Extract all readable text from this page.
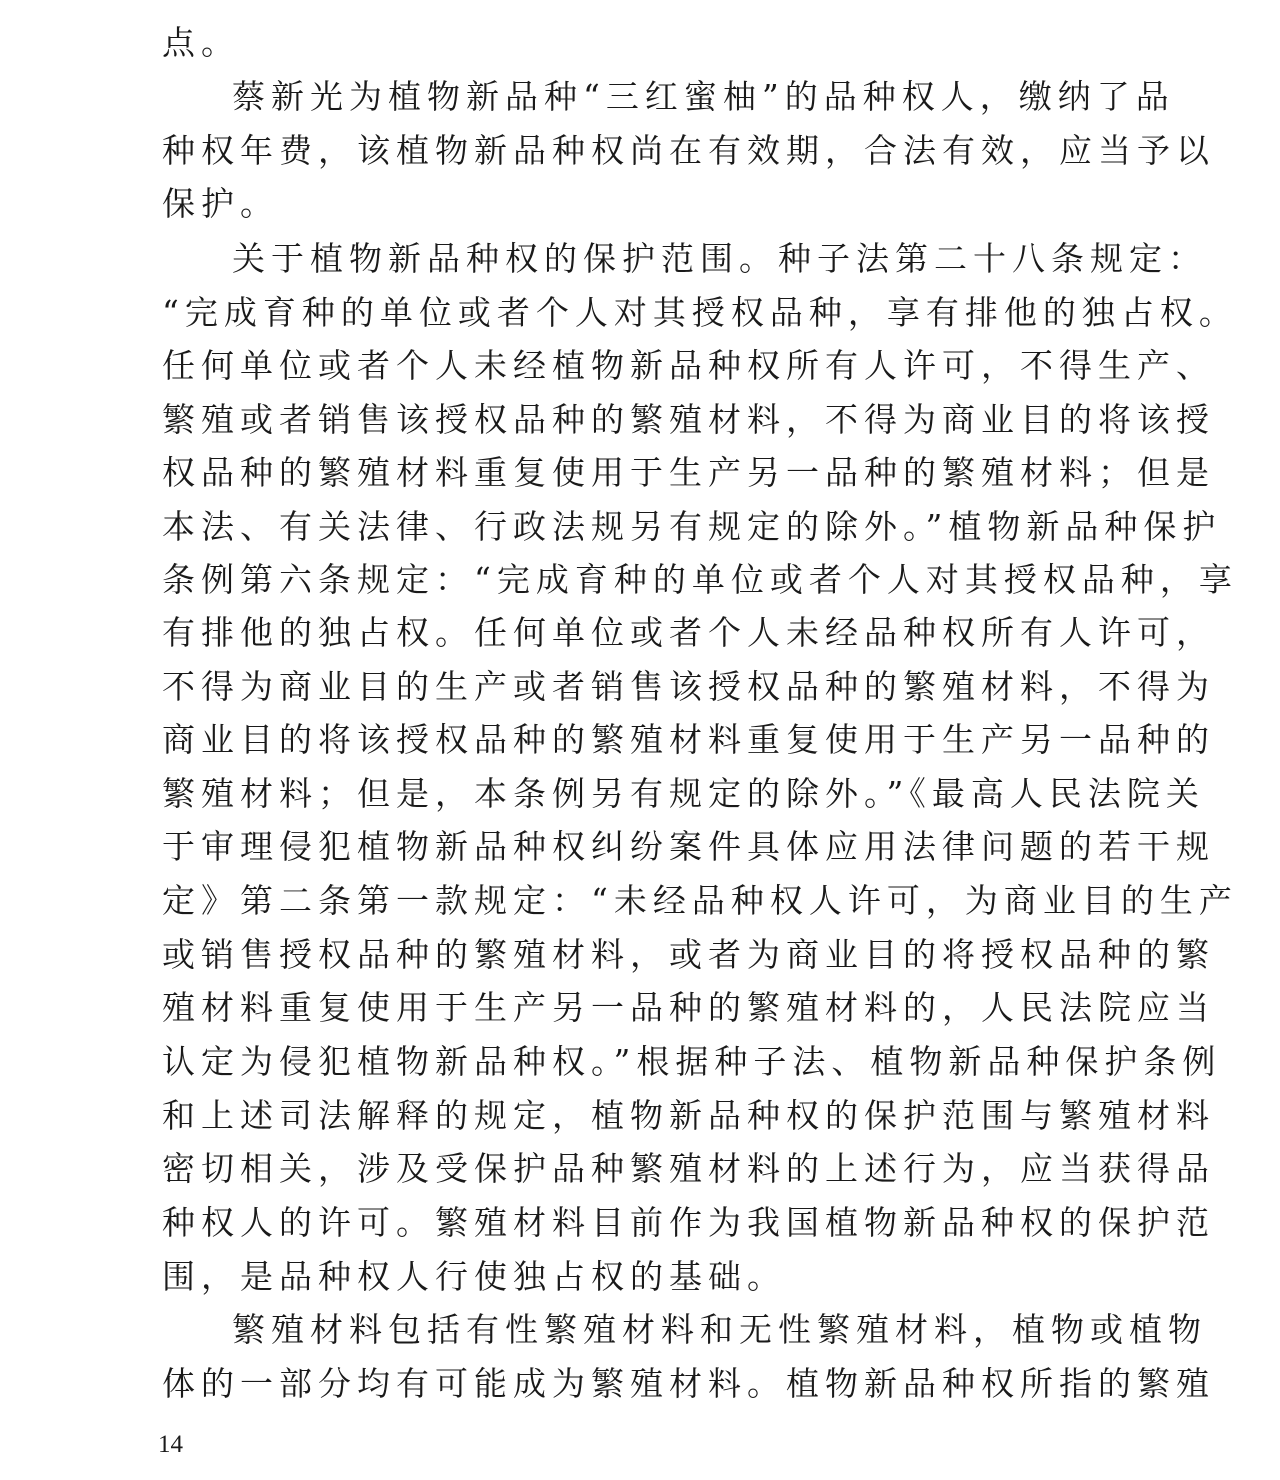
点。
蔡新光为植物新品种“三红蜜柚”的品种权人，缴纳了品
种权年费，该植物新品种权尚在有效期，合法有效，应当予以
保护。
关于植物新品种权的保护范围。种子法第二十八条规定：
“完成育种的单位或者个人对其授权品种，享有排他的独占权。
任何单位或者个人未经植物新品种权所有人许可，不得生产、
繁殖或者销售该授权品种的繁殖材料，不得为商业目的将该授
权品种的繁殖材料重复使用于生产另一品种的繁殖材料；但是
本法、有关法律、行政法规另有规定的除外。”植物新品种保护
条例第六条规定：“完成育种的单位或者个人对其授权品种，享
有排他的独占权。任何单位或者个人未经品种权所有人许可，
不得为商业目的生产或者销售该授权品种的繁殖材料，不得为
商业目的将该授权品种的繁殖材料重复使用于生产另一品种的
繁殖材料；但是，本条例另有规定的除外。”《最高人民法院关
于审理侵犯植物新品种权纠纷案件具体应用法律问题的若干规
定》第二条第一款规定：“未经品种权人许可，为商业目的生产
或销售授权品种的繁殖材料，或者为商业目的将授权品种的繁
殖材料重复使用于生产另一品种的繁殖材料的，人民法院应当
认定为侵犯植物新品种权。”根据种子法、植物新品种保护条例
和上述司法解释的规定，植物新品种权的保护范围与繁殖材料
密切相关，涉及受保护品种繁殖材料的上述行为，应当获得品
种权人的许可。繁殖材料目前作为我国植物新品种权的保护范
围，是品种权人行使独占权的基础。
繁殖材料包括有性繁殖材料和无性繁殖材料，植物或植物
体的一部分均有可能成为繁殖材料。植物新品种权所指的繁殖
14
